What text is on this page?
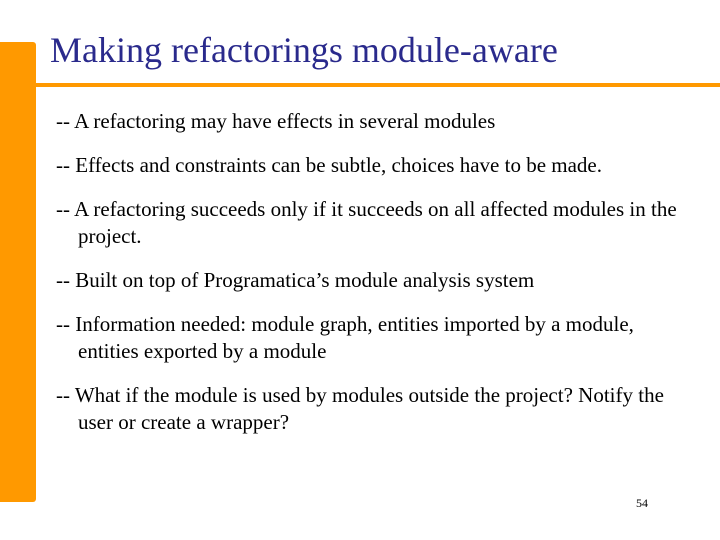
Making refactorings module-aware
-- A refactoring may have effects in several modules
-- Effects and constraints can be subtle, choices have to be made.
-- A refactoring succeeds only if it succeeds on all affected modules in the project.
-- Built on top of Programatica’s module analysis system
-- Information needed: module graph, entities imported by a module, entities exported by a module
-- What if the module is used by modules outside the project? Notify the user or create a wrapper?
54
